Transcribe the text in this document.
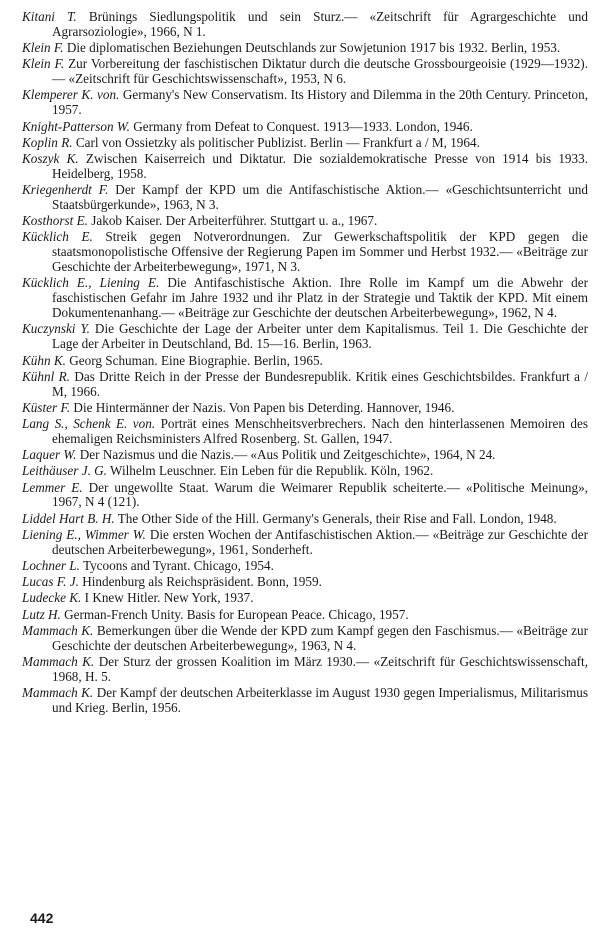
Kitani T. Brünings Siedlungspolitik und sein Sturz.— «Zeitschrift für Agrargeschichte und Agrarsoziologie», 1966, N 1.

Klein F. Die diplomatischen Beziehungen Deutschlands zur Sowjetunion 1917 bis 1932. Berlin, 1953.

Klein F. Zur Vorbereitung der faschistischen Diktatur durch die deutsche Grossbourgeoisie (1929—1932).— «Zeitschrift für Geschichtswissenschaft», 1953, N 6.

Klemperer K. von. Germany's New Conservatism. Its History and Dilemma in the 20th Century. Princeton, 1957.

Knight-Patterson W. Germany from Defeat to Conquest. 1913—1933. London, 1946.

Koplin R. Carl von Ossietzky als politischer Publizist. Berlin — Frankfurt a / M, 1964.

Koszyk K. Zwischen Kaiserreich und Diktatur. Die sozialdemokratische Presse von 1914 bis 1933. Heidelberg, 1958.

Kriegenherdt F. Der Kampf der KPD um die Antifaschistische Aktion.— «Geschichtsunterricht und Staatsbürgerkunde», 1963, N 3.

Kosthorst E. Jakob Kaiser. Der Arbeiterführer. Stuttgart u. a., 1967.

Kücklich E. Streik gegen Notverordnungen. Zur Gewerkschaftspolitik der KPD gegen die staatsmonopolistische Offensive der Regierung Papen im Sommer und Herbst 1932.— «Beiträge zur Geschichte der Arbeiterbewegung», 1971, N 3.

Kücklich E., Liening E. Die Antifaschistische Aktion. Ihre Rolle im Kampf um die Abwehr der faschistischen Gefahr im Jahre 1932 und ihr Platz in der Strategie und Taktik der KPD. Mit einem Dokumentenanhang.— «Beiträge zur Geschichte der deutschen Arbeiterbewegung», 1962, N 4.

Kuczynski Y. Die Geschichte der Lage der Arbeiter unter dem Kapitalismus. Teil 1. Die Geschichte der Lage der Arbeiter in Deutschland, Bd. 15—16. Berlin, 1963.

Kühn K. Georg Schuman. Eine Biographie. Berlin, 1965.

Kühnl R. Das Dritte Reich in der Presse der Bundesrepublik. Kritik eines Geschichtsbildes. Frankfurt a / M, 1966.

Küster F. Die Hintermänner der Nazis. Von Papen bis Deterding. Hannover, 1946.

Lang S., Schenk E. von. Porträt eines Menschheitsverbrechers. Nach den hinterlassenen Memoiren des ehemaligen Reichsministers Alfred Rosenberg. St. Gallen, 1947.

Laquer W. Der Nazismus und die Nazis.— «Aus Politik und Zeitgeschichte», 1964, N 24.

Leithäuser J. G. Wilhelm Leuschner. Ein Leben für die Republik. Köln, 1962.

Lemmer E. Der ungewollte Staat. Warum die Weimarer Republik scheiterte.— «Politische Meinung», 1967, N 4 (121).

Liddel Hart B. H. The Other Side of the Hill. Germany's Generals, their Rise and Fall. London, 1948.

Liening E., Wimmer W. Die ersten Wochen der Antifaschistischen Aktion.— «Beiträge zur Geschichte der deutschen Arbeiterbewegung», 1961, Sonderheft.

Lochner L. Tycoons and Tyrant. Chicago, 1954.

Lucas F. J. Hindenburg als Reichspräsident. Bonn, 1959.

Ludecke K. I Knew Hitler. New York, 1937.

Lutz H. German-French Unity. Basis for European Peace. Chicago, 1957.

Mammach K. Bemerkungen über die Wende der KPD zum Kampf gegen den Faschismus.— «Beiträge zur Geschichte der deutschen Arbeiterbewegung», 1963, N 4.

Mammach K. Der Sturz der grossen Koalition im März 1930.— «Zeitschrift für Geschichtswissenschaft, 1968, H. 5.

Mammach K. Der Kampf der deutschen Arbeiterklasse im August 1930 gegen Imperialismus, Militarismus und Krieg. Berlin, 1956.

442
